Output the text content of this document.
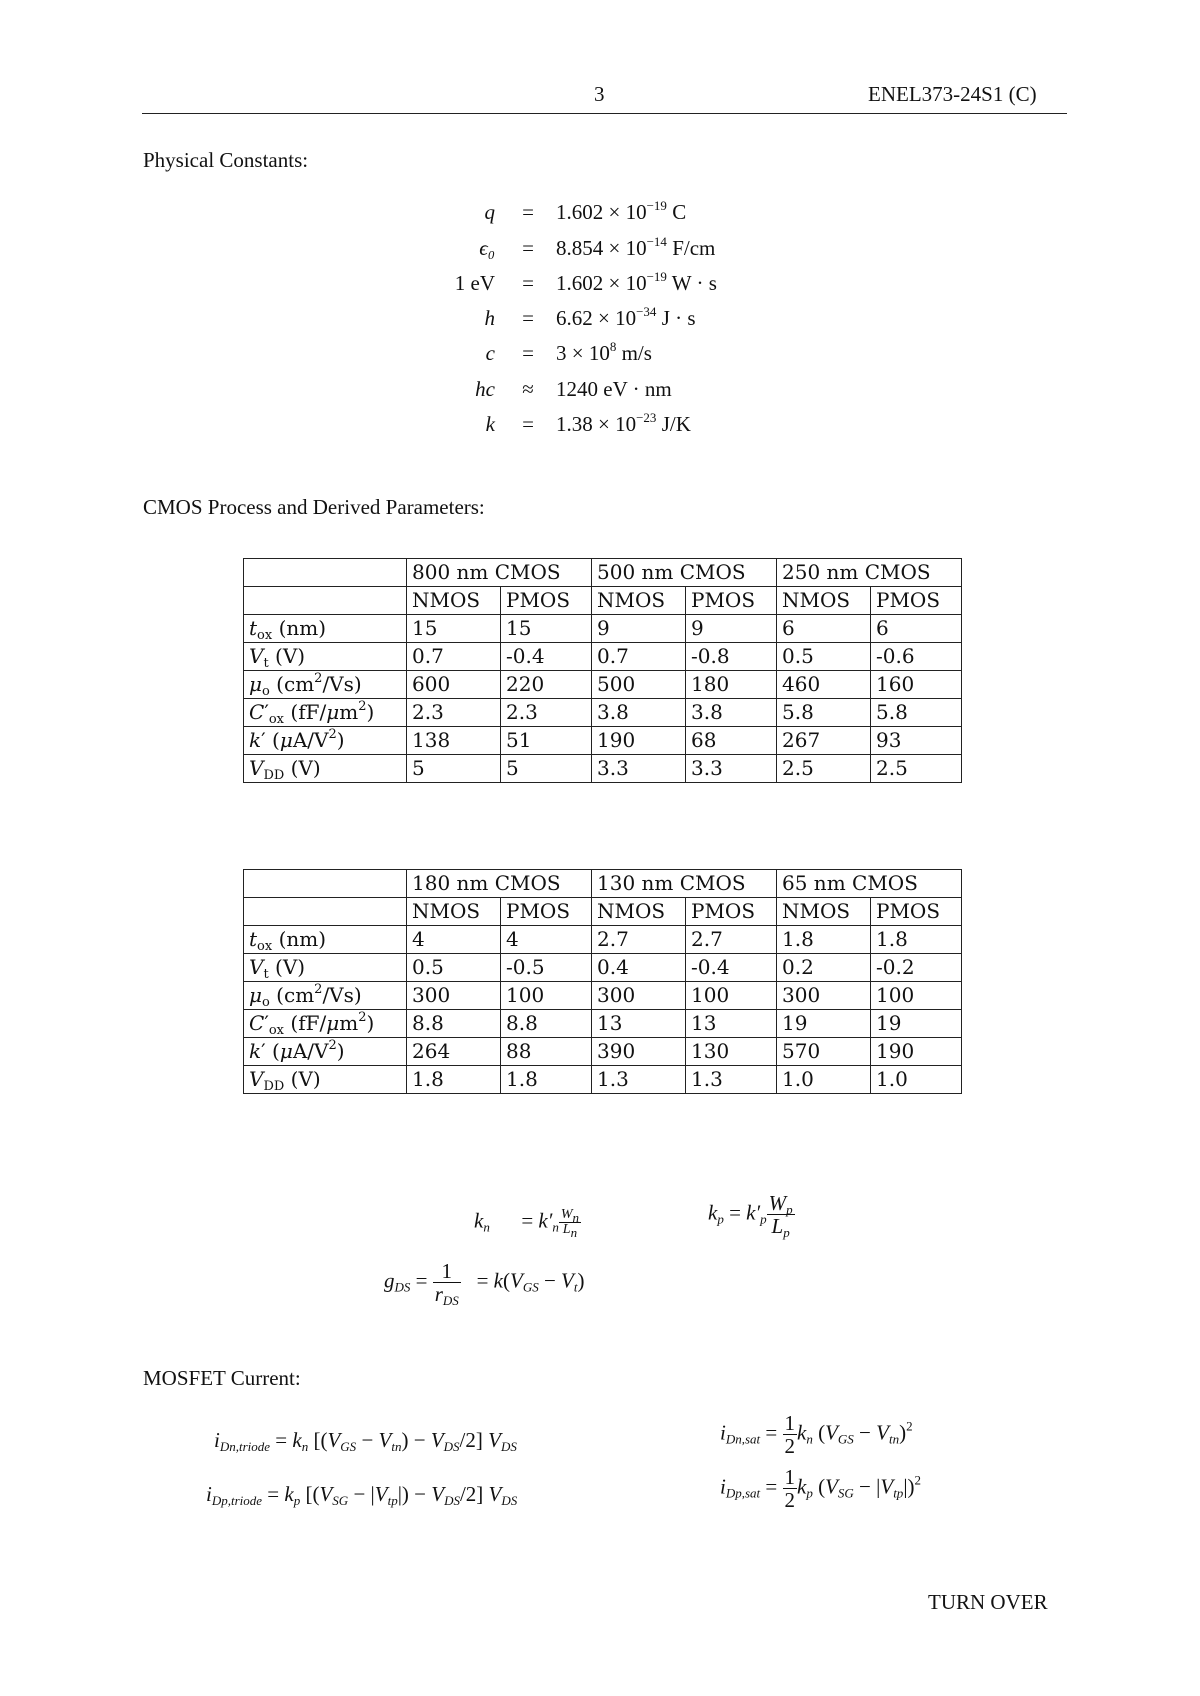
3	ENEL373-24S1 (C)
Physical Constants:
q	=	$1.602 \times 10^{-19}$ C
ϵ₀	=	$8.854 \times 10^{-14}$ F/cm
1 eV	=	$1.602 \times 10^{-19}$ W · s
h	=	$6.62 \times 10^{-34}$ J · s
c	=	$3 \times 10^8$ m/s
hc	≈	1240 eV · nm
k	=	$1.38 \times 10^{-23}$ J/K
CMOS Process and Derived Parameters:
	800 nm CMOS		500 nm CMOS		250 nm CMOS	
	NMOS	PMOS	NMOS	PMOS	NMOS	PMOS
$t_{ox}$ (nm)	15	15	9	9	6	6
$V_t$ (V)	0.7	-0.4	0.7	-0.8	0.5	-0.6
$\mu_o$ $(cm^2/Vs)$	600	220	500	180	460	160
$C'_{ox}$ $(fF/\mu m^2)$	2.3	2.3	3.8	3.8	5.8	5.8
k′ $(\mu A/V^2)$	138	51	190	68	267	93
$V_{DD}$ (V)	5	5	3.3	3.3	2.5	2.5
	180 nm CMOS		130 nm CMOS		65 nm CMOS	
	NMOS	PMOS	NMOS	PMOS	NMOS	PMOS
$t_{ox}$ (nm)	4	4	2.7	2.7	1.8	1.8
$V_t$ (V)	0.5	-0.5	0.4	-0.4	0.2	-0.2
$\mu_o$ $(cm^2/Vs)$	300	100	300	100	300	100
$C'_{ox}$ $(fF/\mu m^2)$	8.8	8.8	13	13	19	19
k′ $(\mu A/V^2)$	264	88	390	130	570	190
$V_{DD}$ (V)	1.8	1.8	1.3	1.3	1.0	1.0
$k_n = k'_n \frac{W_n}{L_n}$	$k_p = k'_p \frac{W_p}{L_p}$
$g_{DS} = \frac{1}{r_{DS}} = k(V_{GS} - V_t)$
MOSFET Current:
$i_{Dn,triode} = k_n$ $[(V_{GS} - V_{tn}) - V_{DS}/2]$ $V_{DS}$
$i_{Dn,sat} = \frac{1}{2} k_n$ $(V_{GS} - V_{tn})^2$
$i_{Dp,triode} = k_p$ $[(V_{SG} - |V_{tp}|) - V_{DS}/2]$ $V_{DS}$
$i_{Dp,sat} = \frac{1}{2} k_p$ $(V_{SG} - |V_{tp}|)^2$
TURN OVER
